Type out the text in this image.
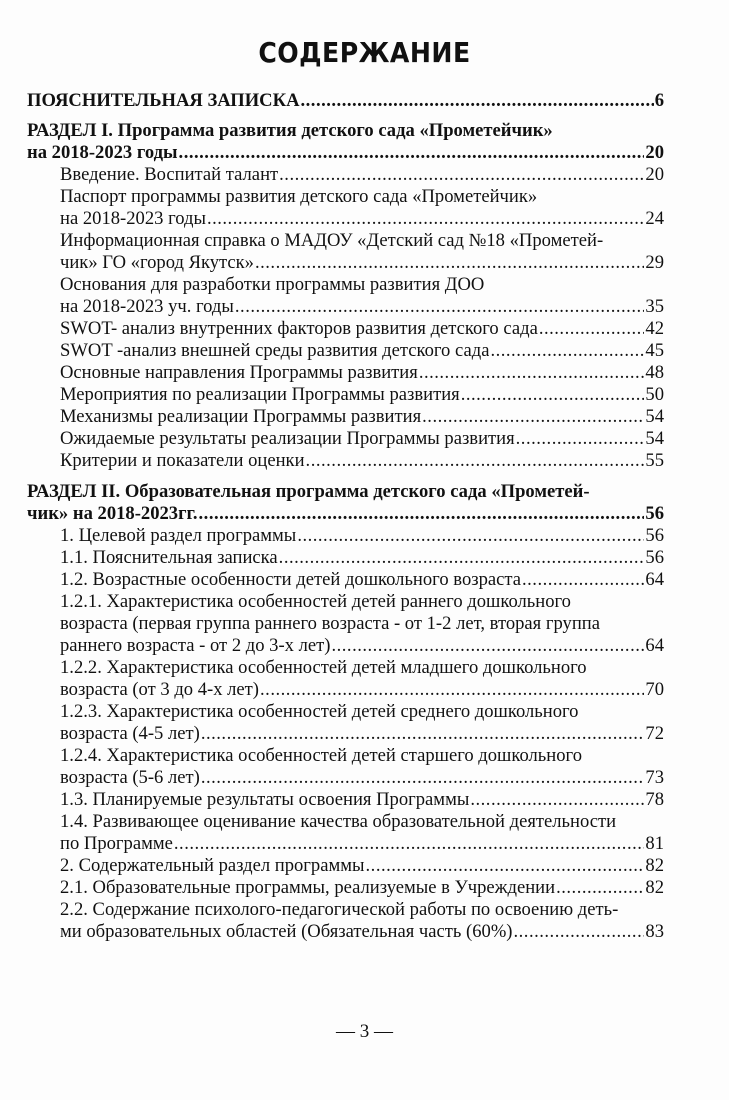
СОДЕРЖАНИЕ
ПОЯСНИТЕЛЬНАЯ ЗАПИСКА .....	6
РАЗДЕЛ I. Программа развития детского сада «Прометейчик»
на 2018-2023 годы .....	20
Введение. Воспитай талант .....	20
Паспорт программы развития детского сада «Прометейчик»
на 2018-2023 годы .....	24
Информационная справка о МАДОУ «Детский сад №18 «Прометей-
чик» ГО «город Якутск» .....	29
Основания для разработки программы развития ДОО
на 2018-2023 уч. годы .....	35
SWOT- анализ внутренних факторов развития детского сада .....	42
SWOT -анализ внешней среды развития детского сада .....	45
Основные направления Программы развития .....	48
Мероприятия по реализации Программы развития .....	50
Механизмы реализации Программы развития .....	54
Ожидаемые результаты реализации Программы развития .....	54
Критерии и показатели оценки .....	55
РАЗДЕЛ II. Образовательная программа детского сада «Прометей-
чик» на 2018-2023гг. .....	56
1. Целевой раздел программы .....	56
1.1. Пояснительная записка .....	56
1.2. Возрастные особенности детей дошкольного возраста .....	64
1.2.1. Характеристика особенностей детей раннего дошкольного
возраста (первая группа раннего возраста - от 1-2 лет, вторая группа
раннего возраста - от 2 до 3-х лет) .....	64
1.2.2. Характеристика особенностей детей младшего дошкольного
возраста (от 3 до 4-х лет) .....	70
1.2.3. Характеристика особенностей детей среднего дошкольного
возраста (4-5 лет) .....	72
1.2.4. Характеристика особенностей детей старшего дошкольного
возраста (5-6 лет) .....	73
1.3. Планируемые результаты освоения Программы .....	78
1.4. Развивающее оценивание качества образовательной деятельности
по Программе .....	81
2. Содержательный раздел программы .....	82
2.1. Образовательные программы, реализуемые в Учреждении .....	82
2.2. Содержание психолого-педагогической работы по освоению деть-
ми образовательных областей (Обязательная часть (60%) .....	83
— 3 —
